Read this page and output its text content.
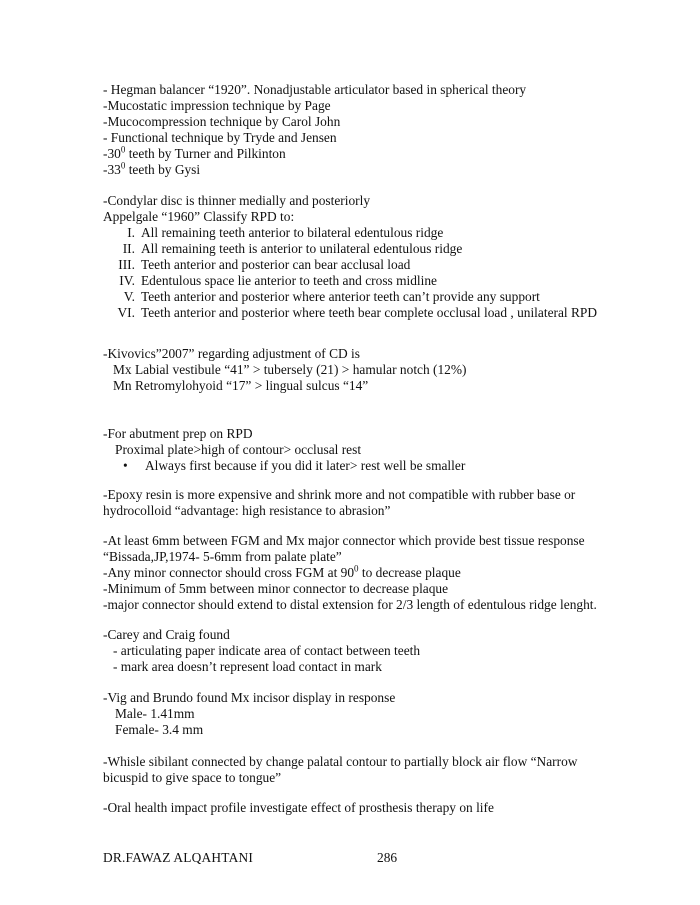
- Hegman balancer “1920”. Nonadjustable articulator based in spherical theory
-Mucostatic impression technique by Page
-Mucocompression technique by Carol John
- Functional technique by Tryde and Jensen
$-30^0$ teeth by Turner and Pilkinton
$-33^0$ teeth by Gysi
-Condylar disc is thinner medially and posteriorly
Appelgale “1960” Classify RPD to:
I. All remaining teeth anterior to bilateral edentulous ridge
II. All remaining teeth is anterior to unilateral edentulous ridge
III. Teeth anterior and posterior can bear acclusal load
IV. Edentulous space lie anterior to teeth and cross midline
V. Teeth anterior and posterior where anterior teeth can’t provide any support
VI. Teeth anterior and posterior where teeth bear complete occlusal load , unilateral RPD
-Kivovics”2007” regarding adjustment of CD is
Mx Labial vestibule “41” > tubersely (21) > hamular notch (12%)
Mn Retromylohyoid “17” > lingual sulcus “14”
-For abutment prep on RPD
Proximal plate>high of contour> occlusal rest
•	Always first because if you did it later> rest well be smaller
-Epoxy resin is more expensive and shrink more and not compatible with rubber base or
hydrocolloid “advantage: high resistance to abrasion”
-At least 6mm between FGM and Mx major connector which provide best tissue response
“Bissada,JP,1974- 5-6mm from palate plate”
-Any minor connector should cross FGM at $90^0$ to decrease plaque
-Minimum of 5mm between minor connector to decrease plaque
-major connector should extend to distal extension for 2/3 length of edentulous ridge lenght.
-Carey and Craig found
- articulating paper indicate area of contact between teeth
- mark area doesn’t represent load contact in mark
-Vig and Brundo found Mx incisor display in response
Male- 1.41mm
Female- 3.4 mm
-Whisle sibilant connected by change palatal contour to partially block air flow “Narrow
bicuspid to give space to tongue”
-Oral health impact profile investigate effect of prosthesis therapy on life
DR.FAWAZ ALQAHTANI	286
